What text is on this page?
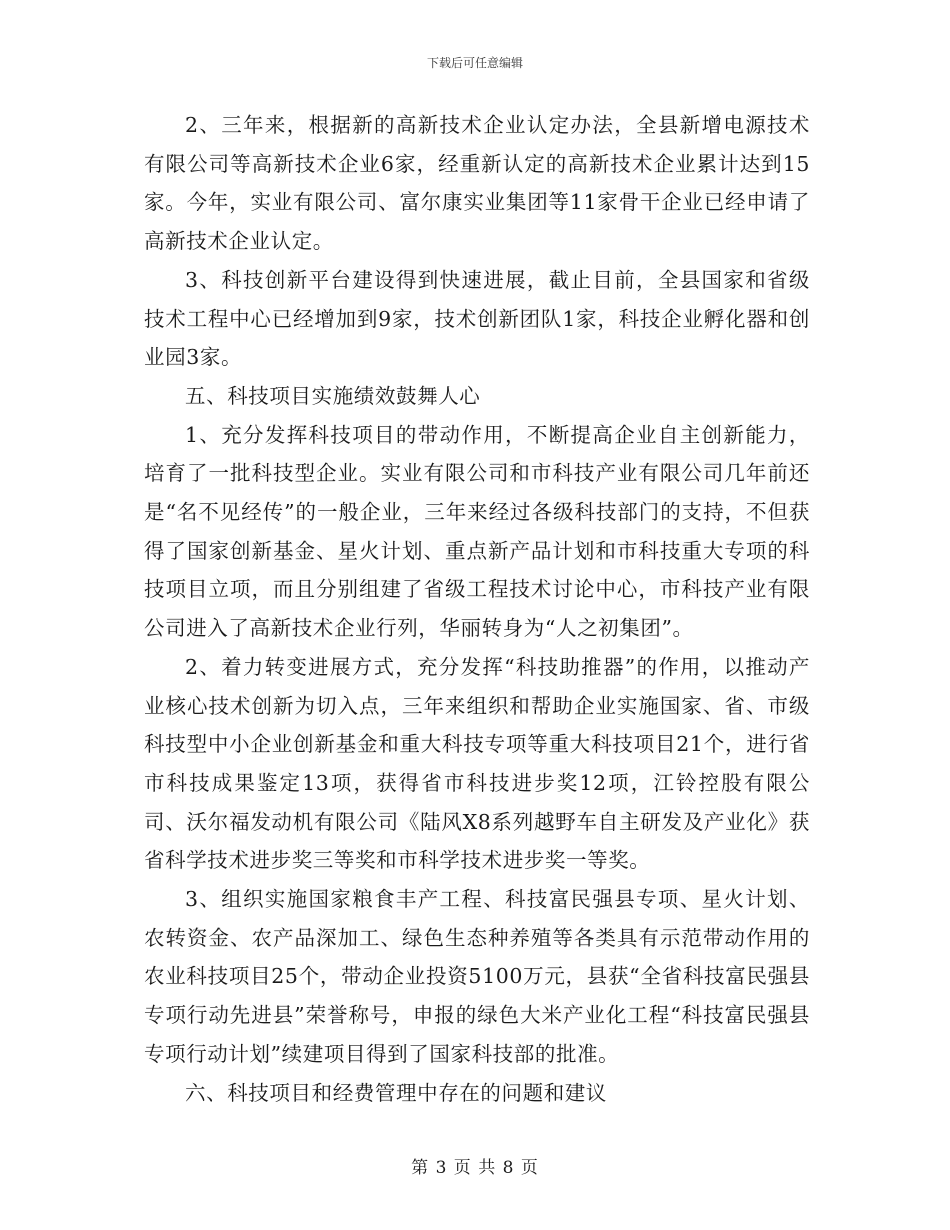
下载后可任意编辑

2、三年来，根据新的高新技术企业认定办法，全县新增电源技术有限公司等高新技术企业6家，经重新认定的高新技术企业累计达到15家。今年，实业有限公司、富尔康实业集团等11家骨干企业已经申请了高新技术企业认定。

3、科技创新平台建设得到快速进展，截止目前，全县国家和省级技术工程中心已经增加到9家，技术创新团队1家，科技企业孵化器和创业园3家。

五、科技项目实施绩效鼓舞人心

1、充分发挥科技项目的带动作用，不断提高企业自主创新能力，培育了一批科技型企业。实业有限公司和市科技产业有限公司几年前还是“名不见经传”的一般企业，三年来经过各级科技部门的支持，不但获得了国家创新基金、星火计划、重点新产品计划和市科技重大专项的科技项目立项，而且分别组建了省级工程技术讨论中心，市科技产业有限公司进入了高新技术企业行列，华丽转身为“人之初集团”。

2、着力转变进展方式，充分发挥“科技助推器”的作用，以推动产业核心技术创新为切入点，三年来组织和帮助企业实施国家、省、市级科技型中小企业创新基金和重大科技专项等重大科技项目21个，进行省市科技成果鉴定13项，获得省市科技进步奖12项，江铃控股有限公司、沃尔福发动机有限公司《陆风X8系列越野车自主研发及产业化》获省科学技术进步奖三等奖和市科学技术进步奖一等奖。

3、组织实施国家粮食丰产工程、科技富民强县专项、星火计划、农转资金、农产品深加工、绿色生态种养殖等各类具有示范带动作用的农业科技项目25个，带动企业投资5100万元，县获“全省科技富民强县专项行动先进县”荣誉称号，申报的绿色大米产业化工程“科技富民强县专项行动计划”续建项目得到了国家科技部的批准。

六、科技项目和经费管理中存在的问题和建议

第 3 页 共 8 页
